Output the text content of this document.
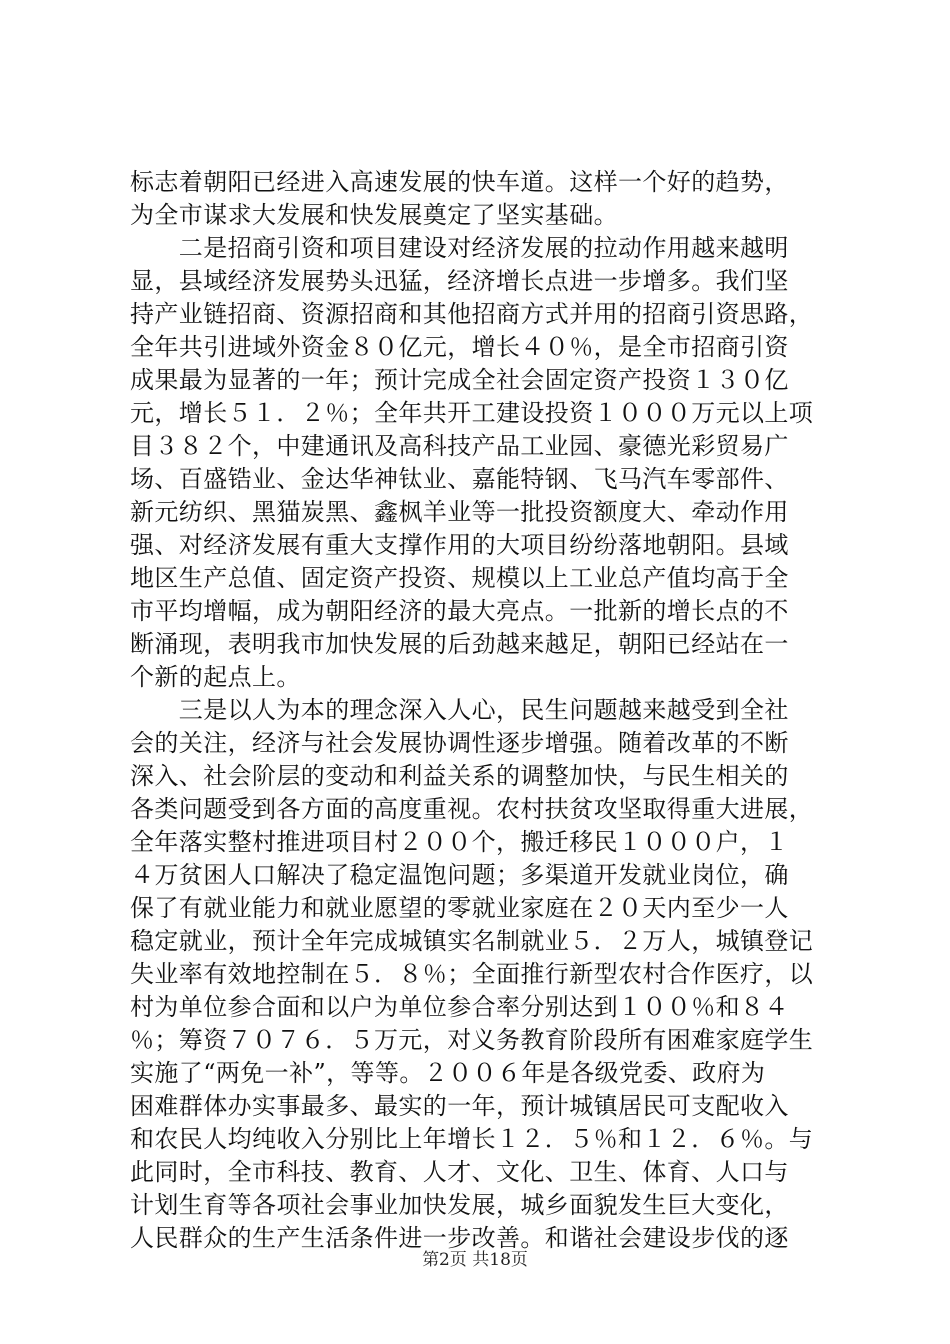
标志着朝阳已经进入高速发展的快车道。这样一个好的趋势，
为全市谋求大发展和快发展奠定了坚实基础。
　　二是招商引资和项目建设对经济发展的拉动作用越来越明
显，县域经济发展势头迅猛，经济增长点进一步增多。我们坚
持产业链招商、资源招商和其他招商方式并用的招商引资思路，
全年共引进域外资金８０亿元，增长４０％，是全市招商引资
成果最为显著的一年；预计完成全社会固定资产投资１３０亿
元，增长５１．２％；全年共开工建设投资１０００万元以上项
目３８２个，中建通讯及高科技产品工业园、豪德光彩贸易广
场、百盛锆业、金达华神钛业、嘉能特钢、飞马汽车零部件、
新元纺织、黑猫炭黑、鑫枫羊业等一批投资额度大、牵动作用
强、对经济发展有重大支撑作用的大项目纷纷落地朝阳。县域
地区生产总值、固定资产投资、规模以上工业总产值均高于全
市平均增幅，成为朝阳经济的最大亮点。一批新的增长点的不
断涌现，表明我市加快发展的后劲越来越足，朝阳已经站在一
个新的起点上。
　　三是以人为本的理念深入人心，民生问题越来越受到全社
会的关注，经济与社会发展协调性逐步增强。随着改革的不断
深入、社会阶层的变动和利益关系的调整加快，与民生相关的
各类问题受到各方面的高度重视。农村扶贫攻坚取得重大进展，
全年落实整村推进项目村２００个，搬迁移民１０００户，１
４万贫困人口解决了稳定温饱问题；多渠道开发就业岗位，确
保了有就业能力和就业愿望的零就业家庭在２０天内至少一人
稳定就业，预计全年完成城镇实名制就业５．２万人，城镇登记
失业率有效地控制在５．８％；全面推行新型农村合作医疗，以
村为单位参合面和以户为单位参合率分别达到１００％和８４
％；筹资７０７６．５万元，对义务教育阶段所有困难家庭学生
实施了“两免一补”，等等。２００６年是各级党委、政府为
困难群体办实事最多、最实的一年，预计城镇居民可支配收入
和农民人均纯收入分别比上年增长１２．５％和１２．６％。与
此同时，全市科技、教育、人才、文化、卫生、体育、人口与
计划生育等各项社会事业加快发展，城乡面貌发生巨大变化，
人民群众的生产生活条件进一步改善。和谐社会建设步伐的逐
第2页 共18页
